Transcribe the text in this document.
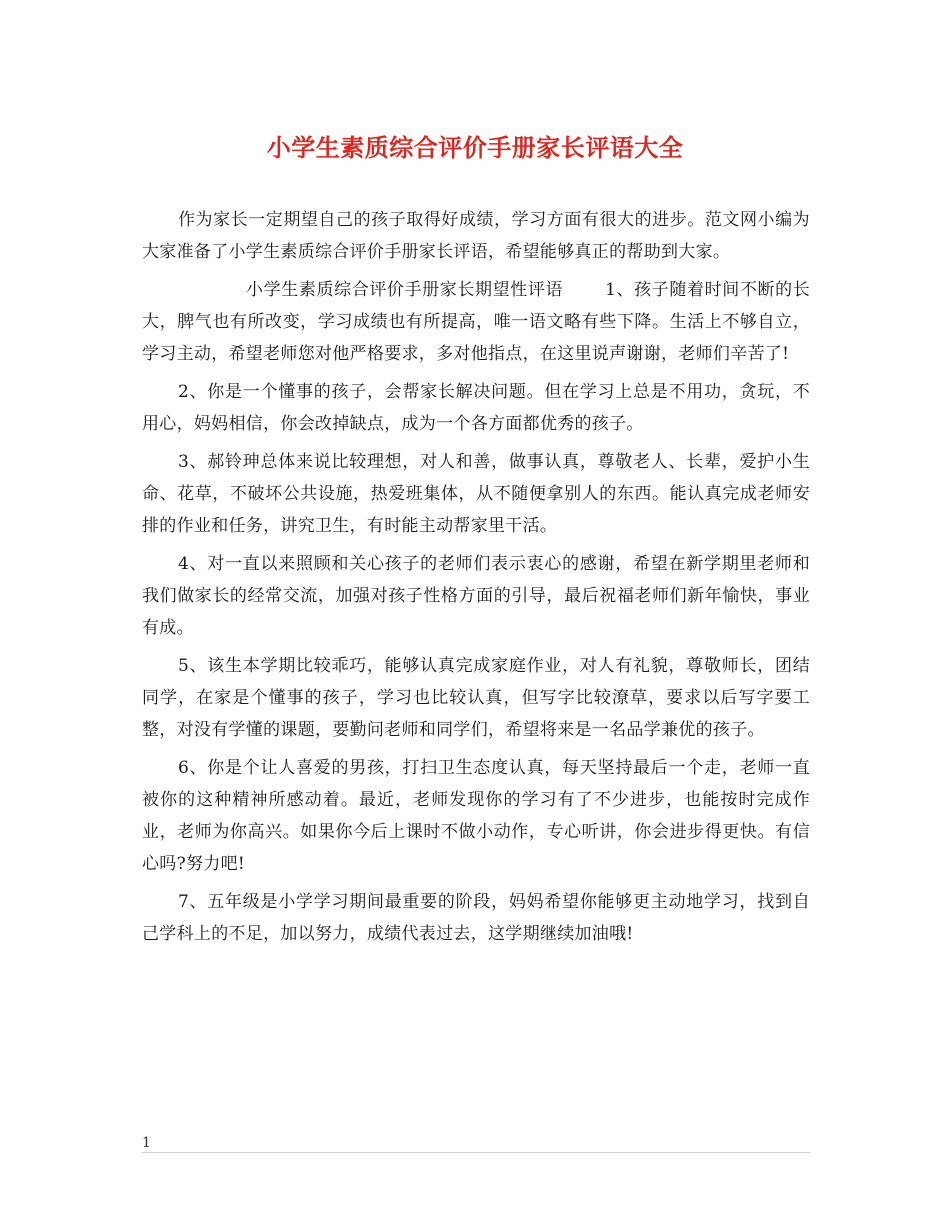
小学生素质综合评价手册家长评语大全

作为家长一定期望自己的孩子取得好成绩，学习方面有很大的进步。范文网小编为大家准备了小学生素质综合评价手册家长评语，希望能够真正的帮助到大家。

小学生素质综合评价手册家长期望性评语 1、孩子随着时间不断的长大，脾气也有所改变，学习成绩也有所提高，唯一语文略有些下降。生活上不够自立，学习主动，希望老师您对他严格要求，多对他指点，在这里说声谢谢，老师们辛苦了!

2、你是一个懂事的孩子，会帮家长解决问题。但在学习上总是不用功，贪玩，不用心，妈妈相信，你会改掉缺点，成为一个各方面都优秀的孩子。

3、郝铃珅总体来说比较理想，对人和善，做事认真，尊敬老人、长辈，爱护小生命、花草，不破坏公共设施，热爱班集体，从不随便拿别人的东西。能认真完成老师安排的作业和任务，讲究卫生，有时能主动帮家里干活。

4、对一直以来照顾和关心孩子的老师们表示衷心的感谢，希望在新学期里老师和我们做家长的经常交流，加强对孩子性格方面的引导，最后祝福老师们新年愉快，事业有成。

5、该生本学期比较乖巧，能够认真完成家庭作业，对人有礼貌，尊敬师长，团结同学，在家是个懂事的孩子，学习也比较认真，但写字比较潦草，要求以后写字要工整，对没有学懂的课题，要勤问老师和同学们，希望将来是一名品学兼优的孩子。

6、你是个让人喜爱的男孩，打扫卫生态度认真，每天坚持最后一个走，老师一直被你的这种精神所感动着。最近，老师发现你的学习有了不少进步，也能按时完成作业，老师为你高兴。如果你今后上课时不做小动作，专心听讲，你会进步得更快。有信心吗?努力吧!

7、五年级是小学学习期间最重要的阶段，妈妈希望你能够更主动地学习，找到自己学科上的不足，加以努力，成绩代表过去，这学期继续加油哦!

1
